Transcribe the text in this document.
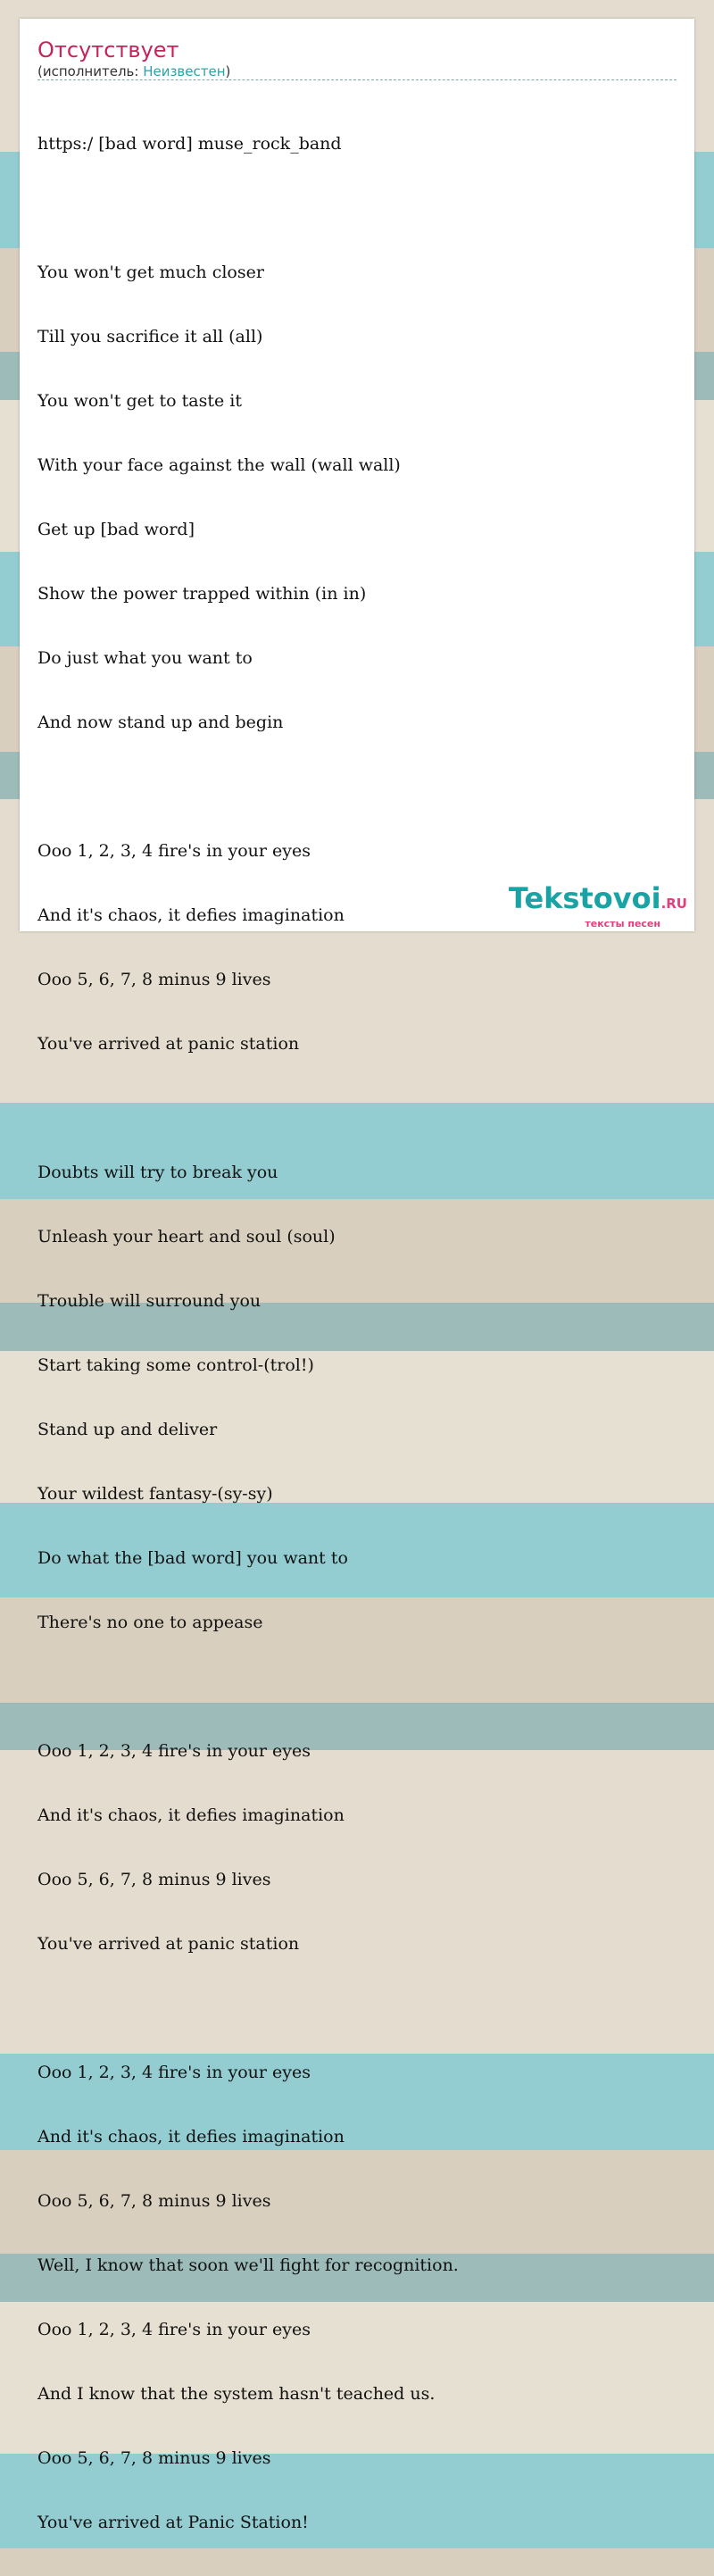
Отсутствует
(исполнитель: Неизвестен)

https:/ [bad word] muse_rock_band

You won't get much closer

Till you sacrifice it all (all)

You won't get to taste it

With your face against the wall (wall wall)

Get up [bad word]

Show the power trapped within (in in)

Do just what you want to

And now stand up and begin

Ooo 1, 2, 3, 4 fire's in your eyes

And it's chaos, it defies imagination

Ooo 5, 6, 7, 8 minus 9 lives

You've arrived at panic station

Doubts will try to break you

Unleash your heart and soul (soul)

Trouble will surround you

Start taking some control-(trol!)

Stand up and deliver

Your wildest fantasy-(sy-sy)

Do what the [bad word] you want to

There's no one to appease

Ooo 1, 2, 3, 4 fire's in your eyes

And it's chaos, it defies imagination

Ooo 5, 6, 7, 8 minus 9 lives

You've arrived at panic station

Ooo 1, 2, 3, 4 fire's in your eyes

And it's chaos, it defies imagination

Ooo 5, 6, 7, 8 minus 9 lives

Well, I know that soon we'll fight for recognition.

Ooo 1, 2, 3, 4 fire's in your eyes

And I know that the system hasn't teached us.

Ooo 5, 6, 7, 8 minus 9 lives

You've arrived at Panic Station!

Tekstovoi.RU
тексты песен
